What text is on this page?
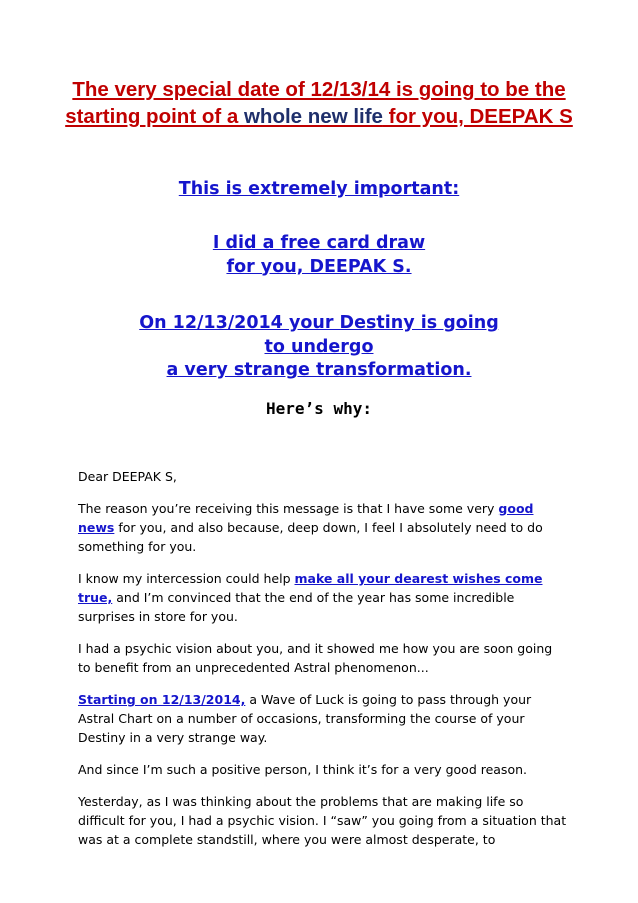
The very special date of 12/13/14 is going to be the starting point of a whole new life for you, DEEPAK S
This is extremely important:
I did a free card draw
for you, DEEPAK S.
On 12/13/2014 your Destiny is going
to undergo
a very strange transformation.
Here’s why:

Dear DEEPAK S,

The reason you’re receiving this message is that I have some very good news for you, and also because, deep down, I feel I absolutely need to do something for you.

I know my intercession could help make all your dearest wishes come true, and I’m convinced that the end of the year has some incredible surprises in store for you.

I had a psychic vision about you, and it showed me how you are soon going to benefit from an unprecedented Astral phenomenon...

Starting on 12/13/2014, a Wave of Luck is going to pass through your Astral Chart on a number of occasions, transforming the course of your Destiny in a very strange way.

And since I’m such a positive person, I think it’s for a very good reason.

Yesterday, as I was thinking about the problems that are making life so difficult for you, I had a psychic vision. I “saw” you going from a situation that was at a complete standstill, where you were almost desperate, to
